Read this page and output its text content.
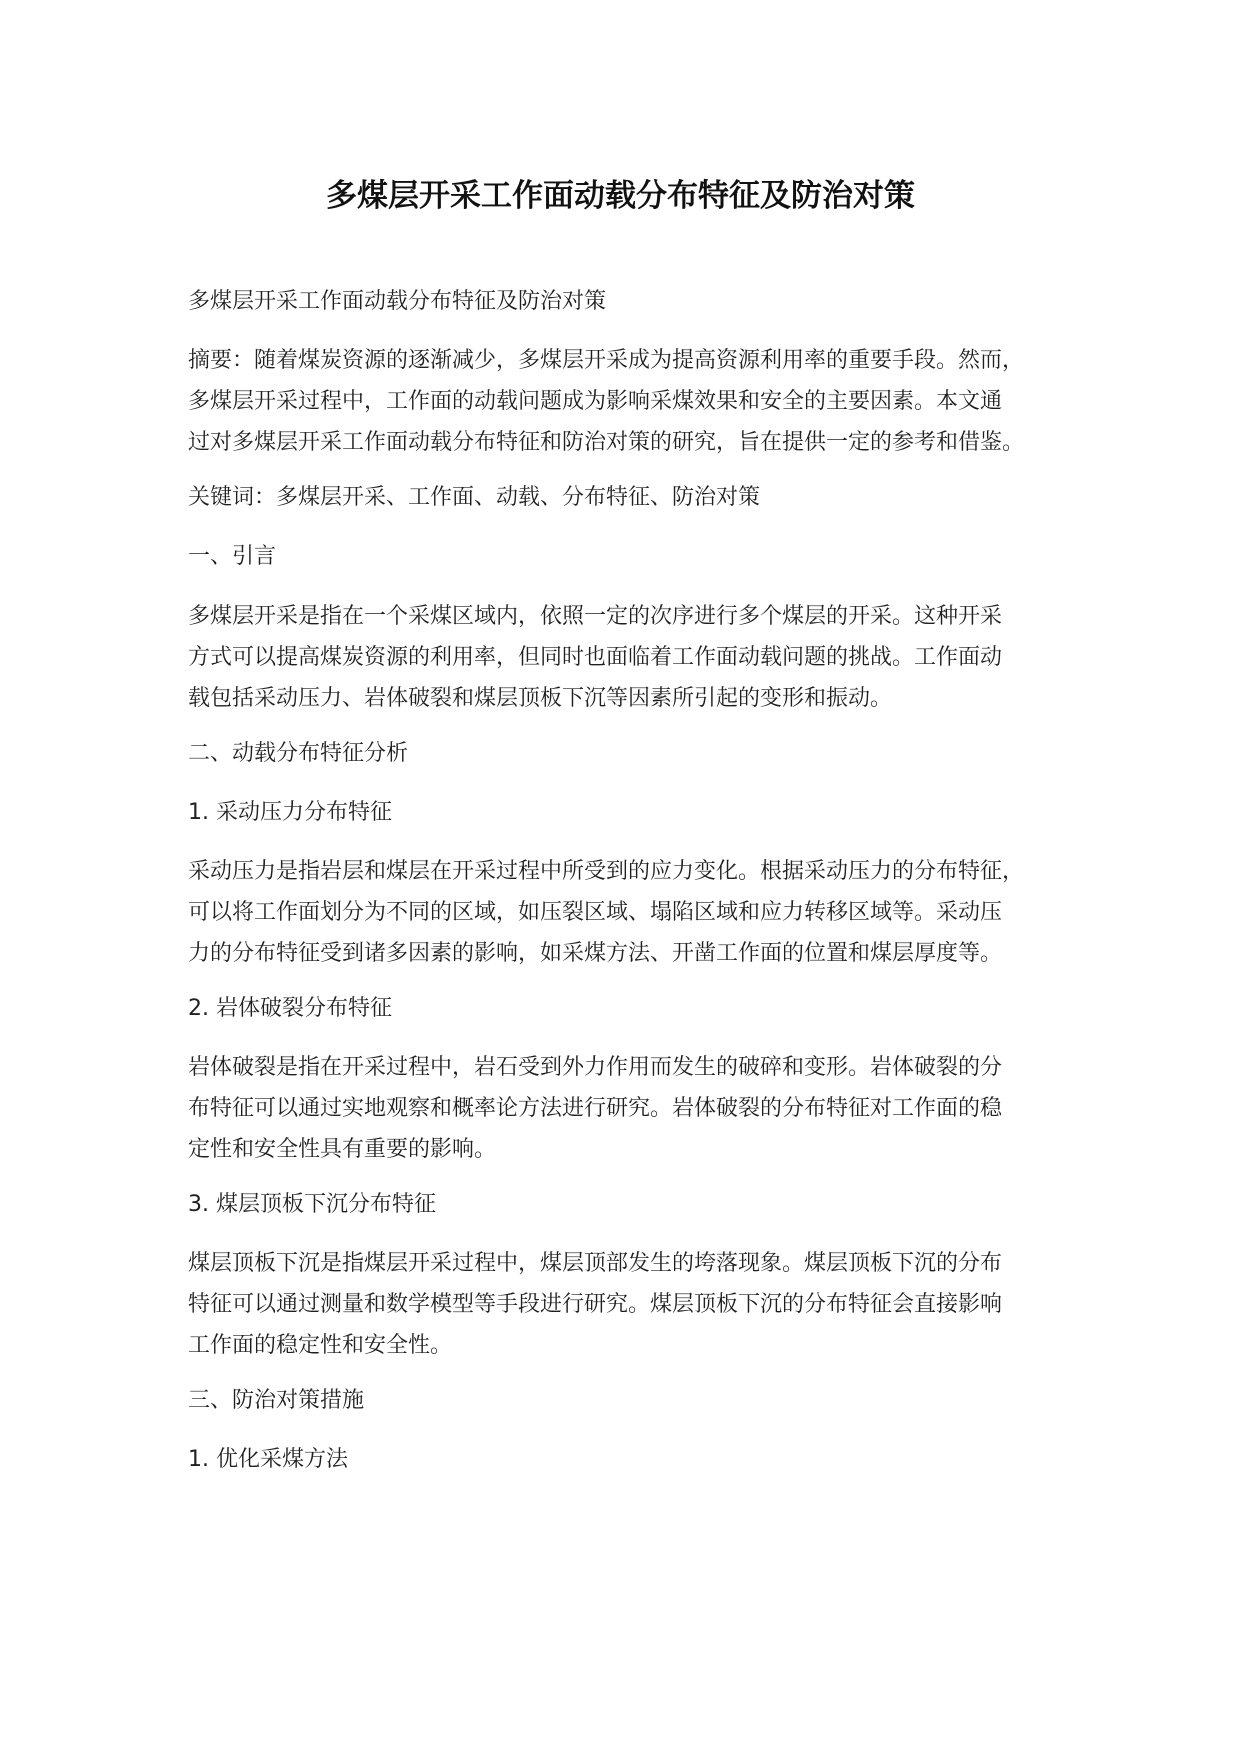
多煤层开采工作面动载分布特征及防治对策
多煤层开采工作面动载分布特征及防治对策
摘要：随着煤炭资源的逐渐减少，多煤层开采成为提高资源利用率的重要手段。然而，
多煤层开采过程中，工作面的动载问题成为影响采煤效果和安全的主要因素。本文通
过对多煤层开采工作面动载分布特征和防治对策的研究，旨在提供一定的参考和借鉴。
关键词：多煤层开采、工作面、动载、分布特征、防治对策
一、引言
多煤层开采是指在一个采煤区域内，依照一定的次序进行多个煤层的开采。这种开采
方式可以提高煤炭资源的利用率，但同时也面临着工作面动载问题的挑战。工作面动
载包括采动压力、岩体破裂和煤层顶板下沉等因素所引起的变形和振动。
二、动载分布特征分析
1. 采动压力分布特征
采动压力是指岩层和煤层在开采过程中所受到的应力变化。根据采动压力的分布特征，
可以将工作面划分为不同的区域，如压裂区域、塌陷区域和应力转移区域等。采动压
力的分布特征受到诸多因素的影响，如采煤方法、开凿工作面的位置和煤层厚度等。
2. 岩体破裂分布特征
岩体破裂是指在开采过程中，岩石受到外力作用而发生的破碎和变形。岩体破裂的分
布特征可以通过实地观察和概率论方法进行研究。岩体破裂的分布特征对工作面的稳
定性和安全性具有重要的影响。
3. 煤层顶板下沉分布特征
煤层顶板下沉是指煤层开采过程中，煤层顶部发生的垮落现象。煤层顶板下沉的分布
特征可以通过测量和数学模型等手段进行研究。煤层顶板下沉的分布特征会直接影响
工作面的稳定性和安全性。
三、防治对策措施
1. 优化采煤方法
